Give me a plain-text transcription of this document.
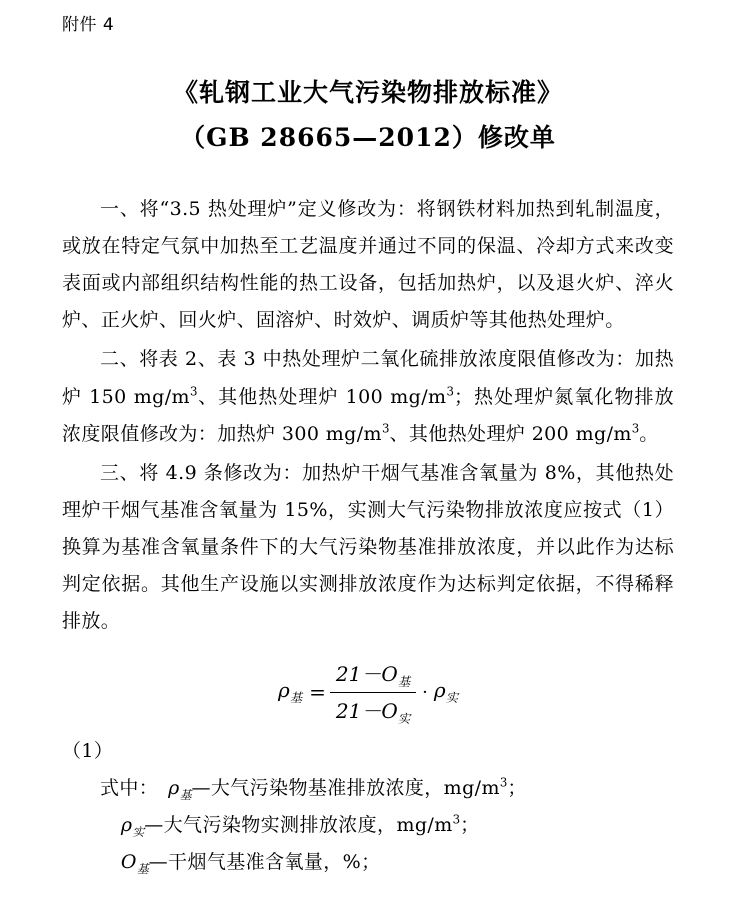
附件 4
《轧钢工业大气污染物排放标准》
（GB 28665—2012）修改单

一、将“3.5 热处理炉”定义修改为：将钢铁材料加热到轧制温度，或放在特定气氛中加热至工艺温度并通过不同的保温、冷却方式来改变表面或内部组织结构性能的热工设备，包括加热炉，以及退火炉、淬火炉、正火炉、回火炉、固溶炉、时效炉、调质炉等其他热处理炉。

二、将表 2、表 3 中热处理炉二氧化硫排放浓度限值修改为：加热炉 150 $mg/m^3$、其他热处理炉 100 $mg/m^3$；热处理炉氮氧化物排放浓度限值修改为：加热炉 300 $mg/m^3$、其他热处理炉 200 $mg/m^3$。

三、将 4.9 条修改为：加热炉干烟气基准含氧量为 8%，其他热处理炉干烟气基准含氧量为 15%，实测大气污染物排放浓度应按式（1）换算为基准含氧量条件下的大气污染物基准排放浓度，并以此作为达标判定依据。其他生产设施以实测排放浓度作为达标判定依据，不得稀释排放。

$\rho_基 = \frac{21-O_基}{21-O_实} \cdot \rho_实$

（1）

式中：　 $\rho_基—$大气污染物基准排放浓度，$mg/m^3$；

$\rho_实—$大气污染物实测排放浓度，$mg/m^3$；

$O_基—$干烟气基准含氧量，%；
